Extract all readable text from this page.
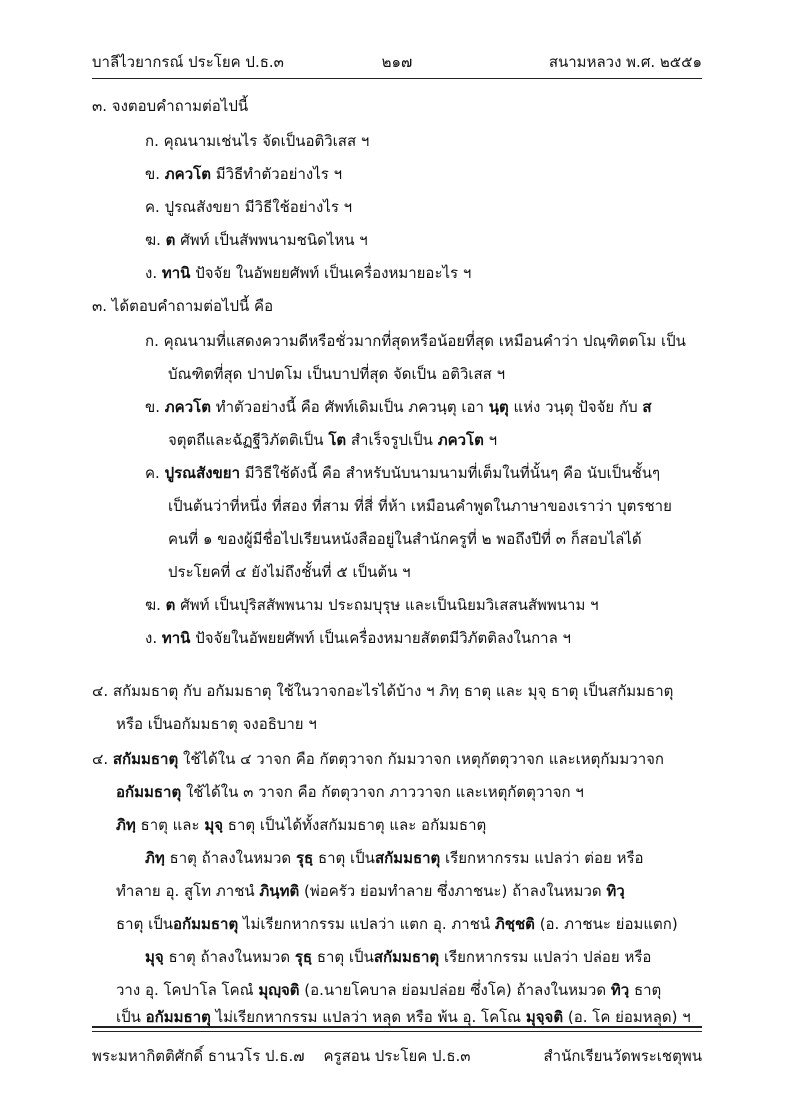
บาลีไวยากรณ์ ประโยค ป.ธ.๓	๒๑๗	สนามหลวง พ.ศ. ๒๕๕๑
๓. จงตอบคำถามต่อไปนี้
ก. คุณนามเช่นไร จัดเป็นอติวิเสส ฯ
ข. ภควโต มีวิธีทำตัวอย่างไร ฯ
ค. ปูรณสังขยา มีวิธีใช้อย่างไร ฯ
ฆ. ต ศัพท์ เป็นสัพพนามชนิดไหน ฯ
ง. ทานิ ปัจจัย ในอัพยยศัพท์ เป็นเครื่องหมายอะไร ฯ
๓. ได้ตอบคำถามต่อไปนี้ คือ
ก. คุณนามที่แสดงความดีหรือชั่วมากที่สุดหรือน้อยที่สุด เหมือนคำว่า ปณฺฑิตตโม เป็น
บัณฑิตที่สุด ปาปตโม เป็นบาปที่สุด จัดเป็น อติวิเสส ฯ
ข. ภควโต ทำตัวอย่างนี้ คือ ศัพท์เดิมเป็น ภควนฺตุ เอา นฺตุ แห่ง วนฺตุ ปัจจัย กับ ส
จตุตถีและฉัฏฐีวิภัตติเป็น โต สำเร็จรูปเป็น ภควโต ฯ
ค. ปูรณสังขยา มีวิธีใช้ดังนี้ คือ สำหรับนับนามนามที่เต็มในที่นั้นๆ คือ นับเป็นชั้นๆ
เป็นต้นว่าที่หนึ่ง ที่สอง ที่สาม ที่สี่ ที่ห้า เหมือนคำพูดในภาษาของเราว่า บุตรชาย
คนที่ ๑ ของผู้มีชื่อไปเรียนหนังสืออยู่ในสำนักครูที่ ๒ พอถึงปีที่ ๓ ก็สอบไล่ได้
ประโยคที่ ๔ ยังไม่ถึงชั้นที่ ๕ เป็นต้น ฯ
ฆ. ต ศัพท์ เป็นปุริสสัพพนาม ประถมบุรุษ และเป็นนิยมวิเสสนสัพพนาม ฯ
ง. ทานิ ปัจจัยในอัพยยศัพท์ เป็นเครื่องหมายสัตตมีวิภัตติลงในกาล ฯ
๔. สกัมมธาตุ กับ อกัมมธาตุ ใช้ในวาจกอะไรได้บ้าง ฯ ภิทฺ ธาตุ และ มุจฺ ธาตุ เป็นสกัมมธาตุ
หรือ เป็นอกัมมธาตุ จงอธิบาย ฯ
๔. สกัมมธาตุ ใช้ได้ใน ๔ วาจก คือ กัตตุวาจก กัมมวาจก เหตุกัตตุวาจก และเหตุกัมมวาจก
อกัมมธาตุ ใช้ได้ใน ๓ วาจก คือ กัตตุวาจก ภาววาจก และเหตุกัตตุวาจก ฯ
ภิทฺ ธาตุ และ มุจฺ ธาตุ เป็นได้ทั้งสกัมมธาตุ และ อกัมมธาตุ
ภิทฺ ธาตุ ถ้าลงในหมวด รุธฺ ธาตุ เป็นสกัมมธาตุ เรียกหากรรม แปลว่า ต่อย หรือ
ทำลาย อุ. สูโท ภาชนํ ภินฺทติ (พ่อครัว ย่อมทำลาย ซึ่งภาชนะ) ถ้าลงในหมวด ทิวฺ
ธาตุ เป็นอกัมมธาตุ ไม่เรียกหากรรม แปลว่า แตก อุ. ภาชนํ ภิชฺชติ (อ. ภาชนะ ย่อมแตก)
มุจฺ ธาตุ ถ้าลงในหมวด รุธฺ ธาตุ เป็นสกัมมธาตุ เรียกหากรรม แปลว่า ปล่อย หรือ
วาง อุ. โคปาโล โคณํ มุญฺจติ (อ.นายโคบาล ย่อมปล่อย ซึ่งโค) ถ้าลงในหมวด ทิวฺ ธาตุ
เป็น อกัมมธาตุ ไม่เรียกหากรรม แปลว่า หลุด หรือ พ้น อุ. โคโณ มุจฺจติ (อ. โค ย่อมหลุด) ฯ
พระมหากิตติศักดิ์ ธานวโร ป.ธ.๗	ครูสอน ประโยค ป.ธ.๓	สำนักเรียนวัดพระเชตุพน
